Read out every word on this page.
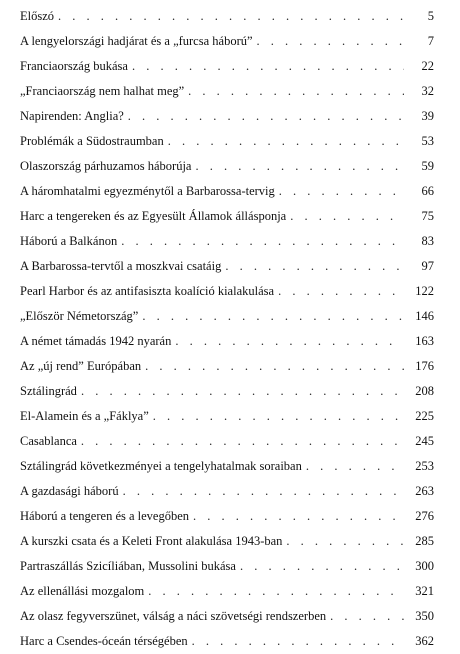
Előszó . . .	5
A lengyelországi hadjárat és a „furcsa háború” . . .	7
Franciaország bukása . . .	22
„Franciaország nem halhat meg” . . .	32
Napirenden: Anglia? . . .	39
Problémák a Südostraumban . . .	53
Olaszország párhuzamos háborúja . . .	59
A háromhatalmi egyezménytől a Barbarossa-tervig . . .	66
Harc a tengereken és az Egyesült Államok állásponja . . .	75
Háború a Balkánon . . .	83
A Barbarossa-tervtől a moszkvai csatáig . . .	97
Pearl Harbor és az antifasiszta koalíció kialakulása . . .	122
„Először Németország” . . .	146
A német támadás 1942 nyarán . . .	163
Az „új rend” Európában . . .	176
Sztálingrád . . .	208
El-Alamein és a „Fáklya” . . .	225
Casablanca . . .	245
Sztálingrád következményei a tengelyhatalmak soraiban . . .	253
A gazdasági háború . . .	263
Háború a tengeren és a levegőben . . .	276
A kurszki csata és a Keleti Front alakulása 1943-ban . . .	285
Partraszállás Szicíliában, Mussolini bukása . . .	300
Az ellenállási mozgalom . . .	321
Az olasz fegyverszünet, válság a náci szövetségi rendszerben . . .	350
Harc a Csendes-óceán térségében . . .	362
